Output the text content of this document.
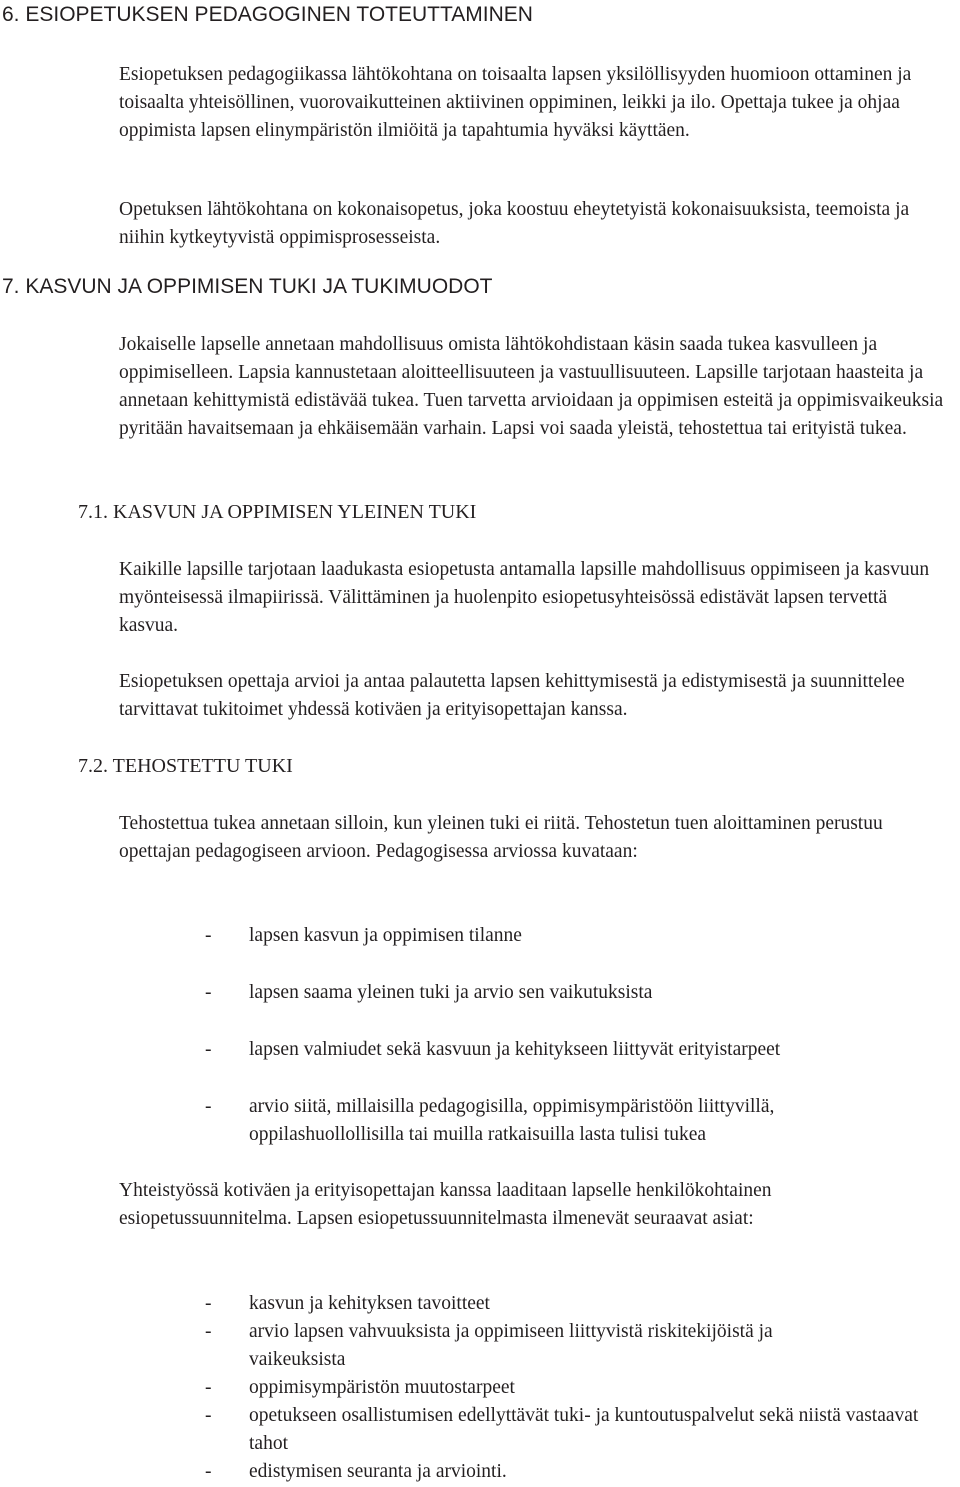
6. ESIOPETUKSEN PEDAGOGINEN TOTEUTTAMINEN

Esiopetuksen pedagogiikassa lähtökohtana on toisaalta lapsen yksilöllisyyden huomioon ottaminen ja toisaalta yhteisöllinen, vuorovaikutteinen aktiivinen oppiminen, leikki ja ilo. Opettaja tukee ja ohjaa oppimista lapsen elinympäristön ilmiöitä ja tapahtumia hyväksi käyttäen.

Opetuksen lähtökohtana on kokonaisopetus, joka koostuu eheytetyistä kokonaisuuksista, teemoista ja niihin kytkeytyvistä oppimisprosesseista.

7. KASVUN JA OPPIMISEN TUKI JA TUKIMUODOT

Jokaiselle lapselle annetaan mahdollisuus omista lähtökohdistaan käsin saada tukea kasvulleen ja oppimiselleen. Lapsia kannustetaan aloitteellisuuteen ja vastuullisuuteen. Lapsille tarjotaan haasteita ja annetaan kehittymistä edistävää tukea. Tuen tarvetta arvioidaan ja oppimisen esteitä ja oppimisvaikeuksia pyritään havaitsemaan ja ehkäisemään varhain. Lapsi voi saada yleistä, tehostettua tai erityistä tukea.

7.1. KASVUN JA OPPIMISEN YLEINEN TUKI

Kaikille lapsille tarjotaan laadukasta esiopetusta antamalla lapsille mahdollisuus oppimiseen ja kasvuun myönteisessä ilmapiirissä. Välittäminen ja huolenpito esiopetusyhteisössä edistävät lapsen tervettä kasvua.

Esiopetuksen opettaja arvioi ja antaa palautetta lapsen kehittymisestä ja edistymisestä ja suunnittelee tarvittavat tukitoimet yhdessä kotiväen ja erityisopettajan kanssa.

7.2. TEHOSTETTU TUKI

Tehostettua tukea annetaan silloin, kun yleinen tuki ei riitä. Tehostetun tuen aloittaminen perustuu opettajan pedagogiseen arvioon. Pedagogisessa arviossa kuvataan:

- lapsen kasvun ja oppimisen tilanne
- lapsen saama yleinen tuki ja arvio sen vaikutuksista
- lapsen valmiudet sekä kasvuun ja kehitykseen liittyvät erityistarpeet
- arvio siitä, millaisilla pedagogisilla, oppimisympäristöön liittyvillä, oppilashuollollisilla tai muilla ratkaisuilla lasta tulisi tukea

Yhteistyössä kotiväen ja erityisopettajan kanssa laaditaan lapselle henkilökohtainen esiopetussuunnitelma. Lapsen esiopetussuunnitelmasta ilmenevät seuraavat asiat:

- kasvun ja kehityksen tavoitteet
- arvio lapsen vahvuuksista ja oppimiseen liittyvistä riskitekijöistä ja vaikeuksista
- oppimisympäristön muutostarpeet
- opetukseen osallistumisen edellyttävät tuki- ja kuntoutuspalvelut sekä niistä vastaavat tahot
- edistymisen seuranta ja arviointi.
